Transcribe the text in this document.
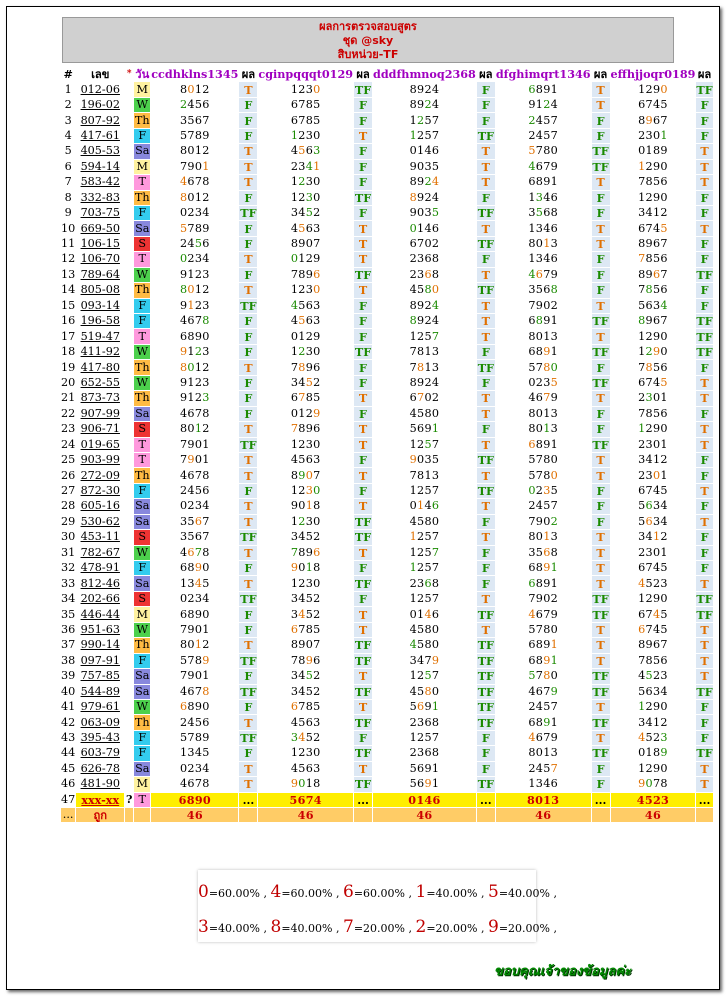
ผลการตรวจสอบสูตร
ชุด @sky
สิบหน่วย-TF
#	เลข	*	วัน	ccdhklns1345	ผล	cginpqqqt0129	ผล	dddfhmnoq2368	ผล	dfghimqrt1346	ผล	effhjjoqr0189	ผล
1	012-06		M	8012	T	1230	TF	8924	F	6891	T	1290	TF
2	196-02		W	2456	F	6785	F	8924	F	9124	T	6745	F
3	807-92		Th	3567	F	6785	F	1257	F	2457	F	8967	F
4	417-61		F	5789	F	1230	T	1257	TF	2457	F	2301	F
5	405-53		Sa	8012	T	4563	F	0146	T	5780	TF	0189	T
6	594-14		M	7901	T	2341	F	9035	T	4679	TF	1290	T
7	583-42		T	4678	T	1230	F	8924	T	6891	T	7856	T
8	332-83		Th	8012	F	1230	TF	8924	F	1346	F	1290	F
9	703-75		F	0234	TF	3452	F	9035	TF	3568	F	3412	F
10	669-50		Sa	5789	F	4563	T	0146	T	1346	T	6745	T
11	106-15		S	2456	F	8907	T	6702	TF	8013	T	8967	F
12	106-70		T	0234	T	0129	T	2368	F	1346	F	7856	F
13	789-64		W	9123	F	7896	TF	2368	T	4679	F	8967	TF
14	805-08		Th	8012	T	1230	T	4580	TF	3568	F	7856	F
15	093-14		F	9123	TF	4563	F	8924	T	7902	T	5634	F
16	196-58		F	4678	F	4563	F	8924	T	6891	TF	8967	TF
17	519-47		T	6890	F	0129	F	1257	T	8013	T	1290	TF
18	411-92		W	9123	F	1230	TF	7813	F	6891	TF	1290	TF
19	417-80		Th	8012	T	7896	F	7813	TF	5780	F	7856	F
20	652-55		W	9123	F	3452	F	8924	F	0235	TF	6745	T
21	873-73		Th	9123	F	6785	T	6702	T	4679	T	2301	T
22	907-99		Sa	4678	F	0129	F	4580	T	8013	F	7856	F
23	906-71		S	8012	T	7896	T	5691	F	8013	F	1290	T
24	019-65		T	7901	TF	1230	T	1257	T	6891	TF	2301	T
25	903-99		T	7901	T	4563	F	9035	TF	5780	T	3412	F
26	272-09		Th	4678	T	8907	T	7813	T	5780	T	2301	F
27	872-30		F	2456	F	1230	F	1257	TF	0235	F	6745	T
28	605-16		Sa	0234	T	9018	T	0146	T	2457	F	5634	F
29	530-62		Sa	3567	T	1230	TF	4580	F	7902	F	5634	T
30	453-11		S	3567	TF	3452	TF	1257	T	8013	T	3412	F
31	782-67		W	4678	T	7896	T	1257	F	3568	T	2301	F
32	478-91		F	6890	F	9018	F	1257	F	6891	T	6745	F
33	812-46		Sa	1345	T	1230	TF	2368	F	6891	T	4523	T
34	202-66		S	0234	TF	3452	F	1257	T	7902	TF	1290	TF
35	446-44		M	6890	F	3452	T	0146	TF	4679	TF	6745	TF
36	951-63		W	7901	F	6785	T	4580	T	5780	T	6745	T
37	990-14		Th	8012	T	8907	TF	4580	TF	6891	T	8967	T
38	097-91		F	5789	TF	7896	TF	3479	TF	6891	T	7856	T
39	757-85		Sa	7901	F	3452	T	1257	TF	5780	TF	4523	T
40	544-89		Sa	4678	TF	3452	TF	4580	TF	4679	TF	5634	TF
41	979-61		W	6890	F	6785	T	5691	TF	2457	T	1290	F
42	063-09		Th	2456	T	4563	TF	2368	TF	6891	TF	3412	F
43	395-43		F	5789	TF	3452	F	1257	F	4679	T	4523	F
44	603-79		F	1345	F	1230	TF	2368	F	8013	TF	0189	TF
45	626-78		Sa	0234	T	4563	T	5691	F	2457	F	1290	T
46	481-90		M	4678	T	9018	TF	5691	TF	1346	F	9078	T
47	xxx-xx	?	T	6890	...	5674	...	0146	...	8013	...	4523	...
...	ถูก			46		46		46		46		46	
0=60.00% , 4=60.00% , 6=60.00% , 1=40.00% , 5=40.00% ,
3=40.00% , 8=40.00% , 7=20.00% , 2=20.00% , 9=20.00% ,
ขอบคุณเจ้าของข้อมูลค่ะ
